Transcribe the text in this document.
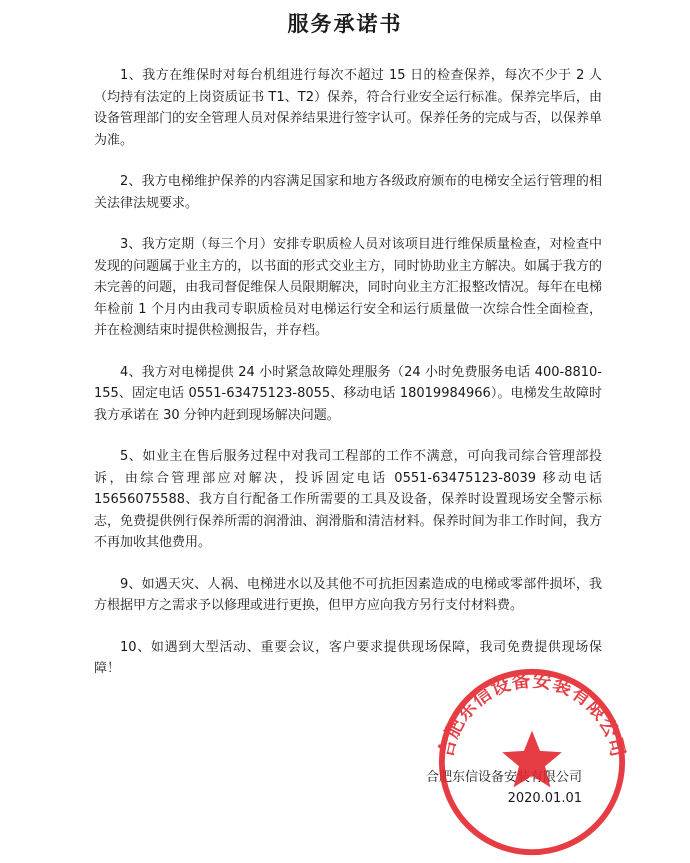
服务承诺书

1、我方在维保时对每台机组进行每次不超过 15 日的检查保养，每次不少于 2 人（均持有法定的上岗资质证书 T1、T2）保养，符合行业安全运行标准。保养完毕后，由设备管理部门的安全管理人员对保养结果进行签字认可。保养任务的完成与否，以保养单为准。

2、我方电梯维护保养的内容满足国家和地方各级政府颁布的电梯安全运行管理的相关法律法规要求。

3、我方定期（每三个月）安排专职质检人员对该项目进行维保质量检查，对检查中发现的问题属于业主方的，以书面的形式交业主方，同时协助业主方解决。如属于我方的未完善的问题，由我司督促维保人员限期解决，同时向业主方汇报整改情况。每年在电梯年检前 1 个月内由我司专职质检员对电梯运行安全和运行质量做一次综合性全面检查，并在检测结束时提供检测报告，并存档。

4、我方对电梯提供 24 小时紧急故障处理服务（24 小时免费服务电话 400-8810-155、固定电话 0551-63475123-8055、移动电话 18019984966）。电梯发生故障时我方承诺在 30 分钟内赶到现场解决问题。

5、如业主在售后服务过程中对我司工程部的工作不满意，可向我司综合管理部投诉，由综合管理部应对解决，投诉固定电话 0551-63475123-8039 移动电话 15656075588、我方自行配备工作所需要的工具及设备，保养时设置现场安全警示标志，免费提供例行保养所需的润滑油、润滑脂和清洁材料。保养时间为非工作时间，我方不再加收其他费用。

9、如遇天灾、人祸、电梯进水以及其他不可抗拒因素造成的电梯或零部件损坏，我方根据甲方之需求予以修理或进行更换，但甲方应向我方另行支付材料费。

10、如遇到大型活动、重要会议，客户要求提供现场保障，我司免费提供现场保障！

合肥东信设备安装有限公司
2020.01.01
合肥东信设备安装有限公司
